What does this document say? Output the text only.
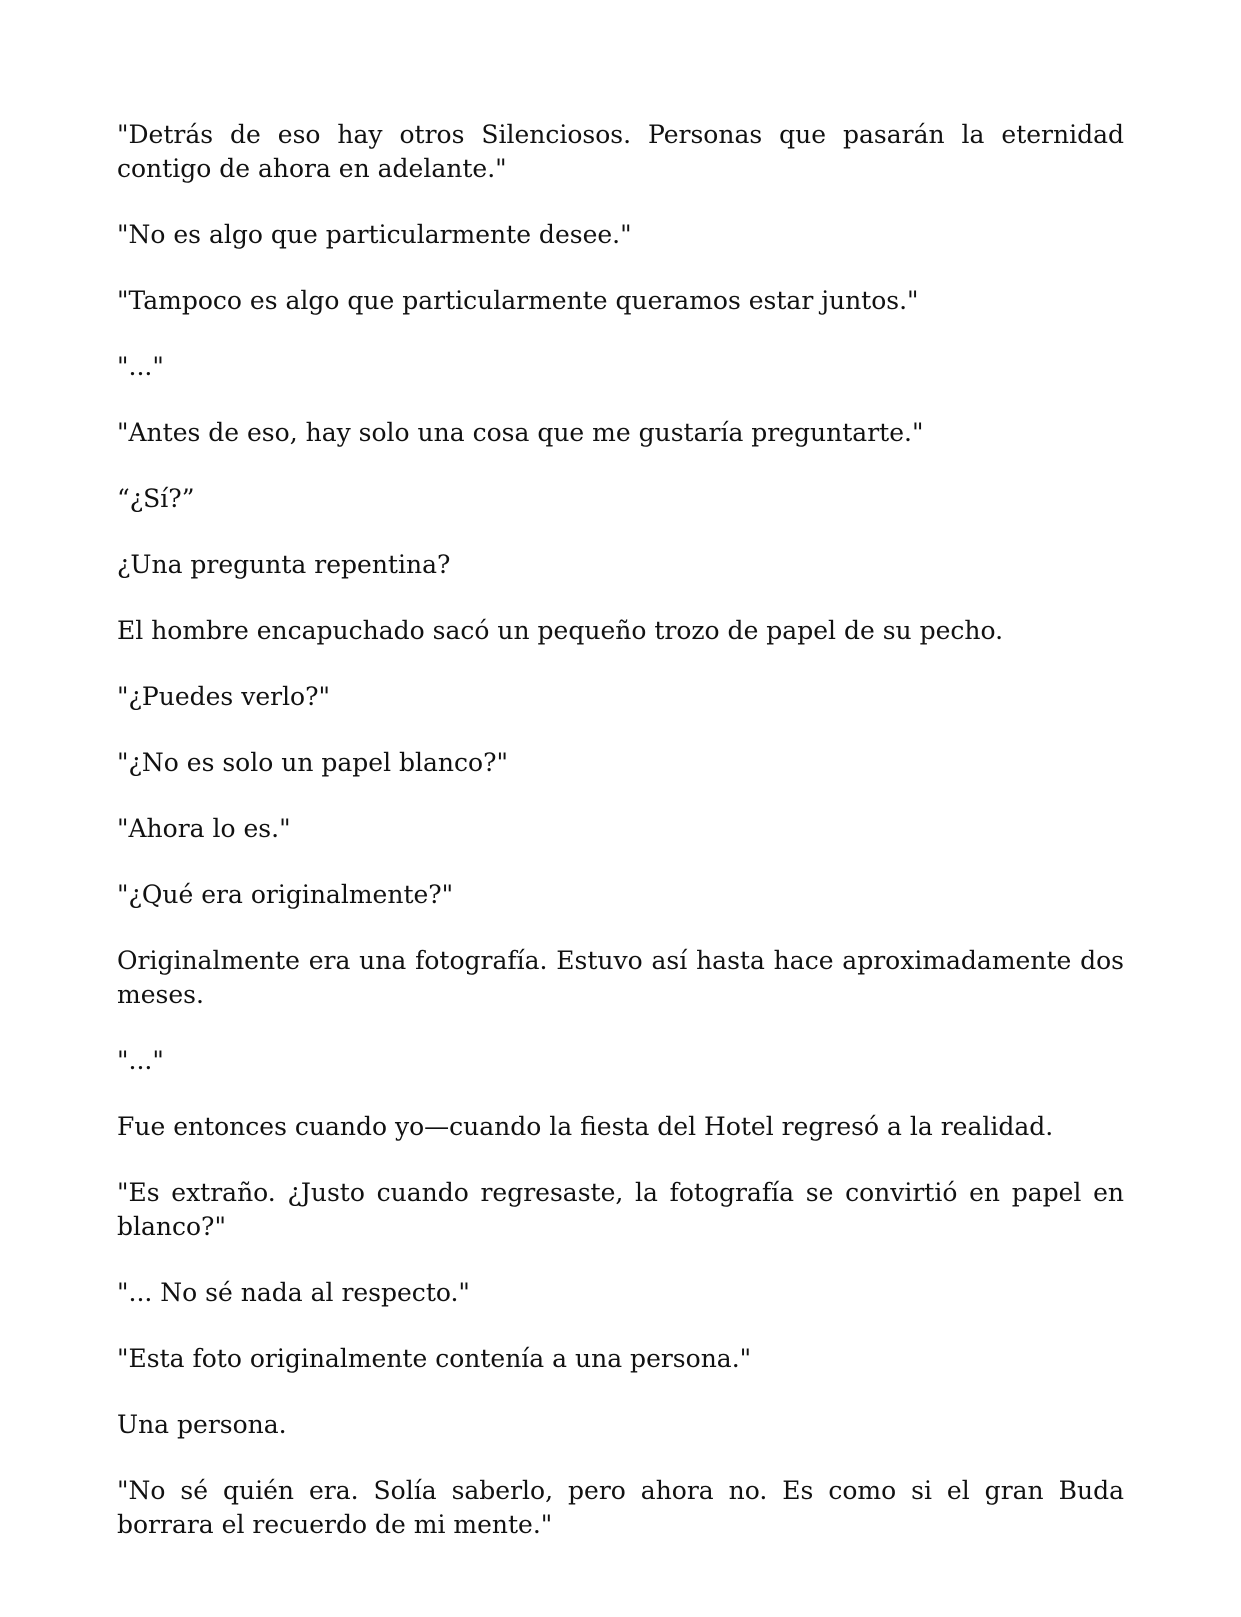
"Detrás de eso hay otros Silenciosos. Personas que pasarán la eternidad contigo de ahora en adelante."

"No es algo que particularmente desee."

"Tampoco es algo que particularmente queramos estar juntos."

"..."

"Antes de eso, hay solo una cosa que me gustaría preguntarte."

“¿Sí?”

¿Una pregunta repentina?

El hombre encapuchado sacó un pequeño trozo de papel de su pecho.

"¿Puedes verlo?"

"¿No es solo un papel blanco?"

"Ahora lo es."

"¿Qué era originalmente?"

Originalmente era una fotografía. Estuvo así hasta hace aproximadamente dos meses.

"..."

Fue entonces cuando yo—cuando la fiesta del Hotel regresó a la realidad.

"Es extraño. ¿Justo cuando regresaste, la fotografía se convirtió en papel en blanco?"

"... No sé nada al respecto."

"Esta foto originalmente contenía a una persona."

Una persona.

"No sé quién era. Solía saberlo, pero ahora no. Es como si el gran Buda borrara el recuerdo de mi mente."
